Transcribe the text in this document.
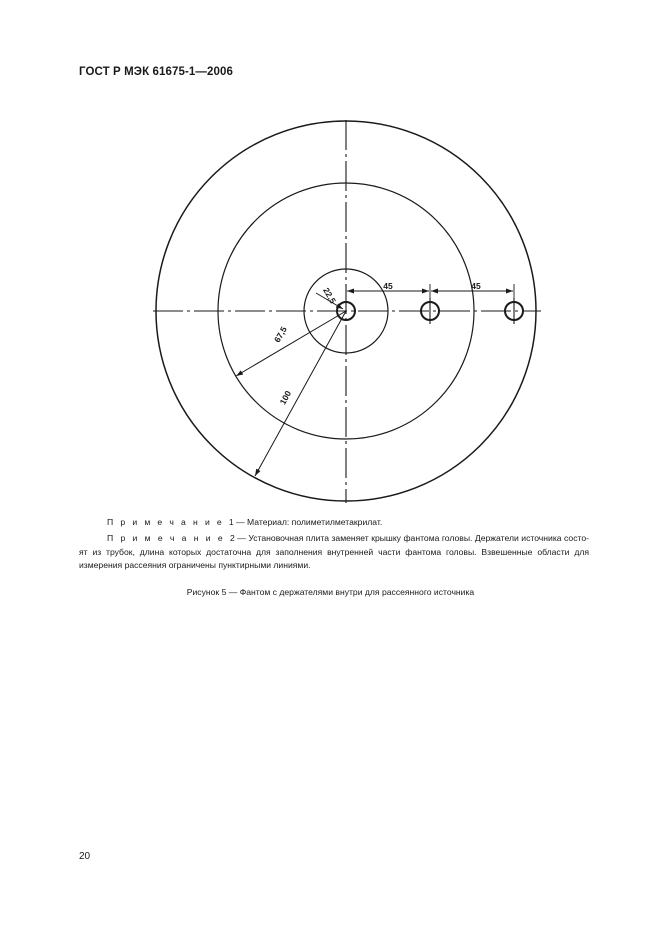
ГОСТ Р МЭК 61675-1—2006
45	45
22,5
67,5
100
П р и м е ч а н и е 1 — Материал: полиметилметакрилат.
П р и м е ч а н и е 2 — Установочная плита заменяет крышку фантома головы. Держатели источника состо-ят из трубок, длина которых достаточна для заполнения внутренней части фантома головы. Взвешенные области для измерения рассеяния ограничены пунктирными линиями.
Рисунок 5 — Фантом с держателями внутри для рассеянного источника
20
